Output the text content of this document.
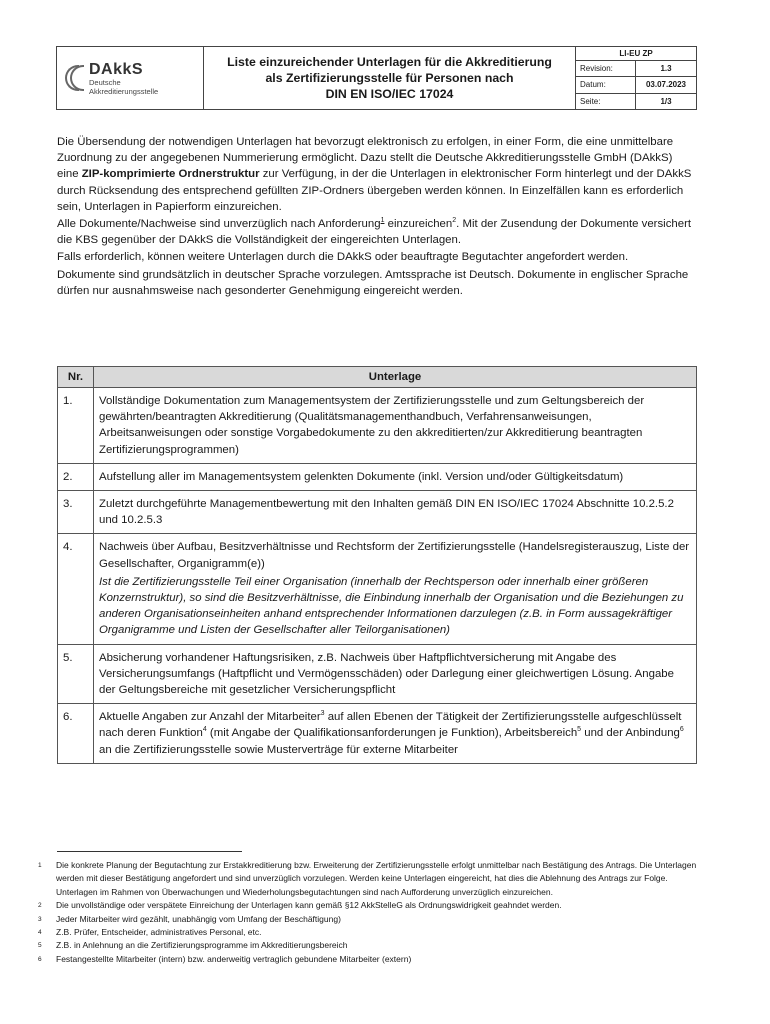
DAkkS
Deutsche
Akkreditierungsstelle
Liste einzureichender Unterlagen für die Akkreditierung
als Zertifizierungsstelle für Personen nach
DIN EN ISO/IEC 17024
LI-EU ZP
Revision:	1.3
Datum:	03.07.2023
Seite:	1/3

Die Übersendung der notwendigen Unterlagen hat bevorzugt elektronisch zu erfolgen, in einer Form, die eine unmittelbare Zuordnung zu der angegebenen Nummerierung ermöglicht. Dazu stellt die Deutsche Akkreditierungsstelle GmbH (DAkkS) eine ZIP-komprimierte Ordnerstruktur zur Verfügung, in der die Unterlagen in elektronischer Form hinterlegt und der DAkkS durch Rücksendung des entsprechend gefüllten ZIP-Ordners übergeben werden können. In Einzelfällen kann es erforderlich sein, Unterlagen in Papierform einzureichen.

Alle Dokumente/Nachweise sind unverzüglich nach Anforderung$^1$ einzureichen$^2$. Mit der Zusendung der Dokumente versichert die KBS gegenüber der DAkkS die Vollständigkeit der eingereichten Unterlagen.

Falls erforderlich, können weitere Unterlagen durch die DAkkS oder beauftragte Begutachter angefordert werden.

Dokumente sind grundsätzlich in deutscher Sprache vorzulegen. Amtssprache ist Deutsch. Dokumente in englischer Sprache dürfen nur ausnahmsweise nach gesonderter Genehmigung eingereicht werden.

Nr.	Unterlage
1.	Vollständige Dokumentation zum Managementsystem der Zertifizierungsstelle und zum Geltungsbereich der gewährten/beantragten Akkreditierung (Qualitätsmanagementhandbuch, Verfahrensanweisungen, Arbeitsanweisungen oder sonstige Vorgabedokumente zu den akkreditierten/zur Akkreditierung beantragten Zertifizierungsprogrammen)
2.	Aufstellung aller im Managementsystem gelenkten Dokumente (inkl. Version und/oder Gültigkeitsdatum)
3.	Zuletzt durchgeführte Managementbewertung mit den Inhalten gemäß DIN EN ISO/IEC 17024 Abschnitte 10.2.5.2 und 10.2.5.3
4.	Nachweis über Aufbau, Besitzverhältnisse und Rechtsform der Zertifizierungsstelle (Handelsregisterauszug, Liste der Gesellschafter, Organigramm(e))
Ist die Zertifizierungsstelle Teil einer Organisation (innerhalb der Rechtsperson oder innerhalb einer größeren Konzernstruktur), so sind die Besitzverhältnisse, die Einbindung innerhalb der Organisation und die Beziehungen zu anderen Organisationseinheiten anhand entsprechender Informationen darzulegen (z.B. in Form aussagekräftiger Organigramme und Listen der Gesellschafter aller Teilorganisationen)

5.	Absicherung vorhandener Haftungsrisiken, z.B. Nachweis über Haftpflichtversicherung mit Angabe des Versicherungsumfangs (Haftpflicht und Vermögensschäden) oder Darlegung einer gleichwertigen Lösung. Angabe der Geltungsbereiche mit gesetzlicher Versicherungspflicht
6.	Aktuelle Angaben zur Anzahl der Mitarbeiter$^3$ auf allen Ebenen der Tätigkeit der Zertifizierungsstelle aufgeschlüsselt nach deren Funktion$^4$ (mit Angabe der Qualifikationsanforderungen je Funktion), Arbeitsbereich$^5$ und der Anbindung$^6$ an die Zertifizierungsstelle sowie Musterverträge für externe Mitarbeiter
1	Die konkrete Planung der Begutachtung zur Erstakkreditierung bzw. Erweiterung der Zertifizierungsstelle erfolgt unmittelbar nach Bestätigung des Antrags. Die Unterlagen werden mit dieser Bestätigung angefordert und sind unverzüglich vorzulegen. Werden keine Unterlagen eingereicht, hat dies die Ablehnung des Antrags zur Folge.
Unterlagen im Rahmen von Überwachungen und Wiederholungsbegutachtungen sind nach Aufforderung unverzüglich einzureichen.
2	Die unvollständige oder verspätete Einreichung der Unterlagen kann gemäß §12 AkkStelleG als Ordnungswidrigkeit geahndet werden.
3	Jeder Mitarbeiter wird gezählt, unabhängig vom Umfang der Beschäftigung)
4	Z.B. Prüfer, Entscheider, administratives Personal, etc.
5	Z.B. in Anlehnung an die Zertifizierungsprogramme im Akkreditierungsbereich
6	Festangestellte Mitarbeiter (intern) bzw. anderweitig vertraglich gebundene Mitarbeiter (extern)
